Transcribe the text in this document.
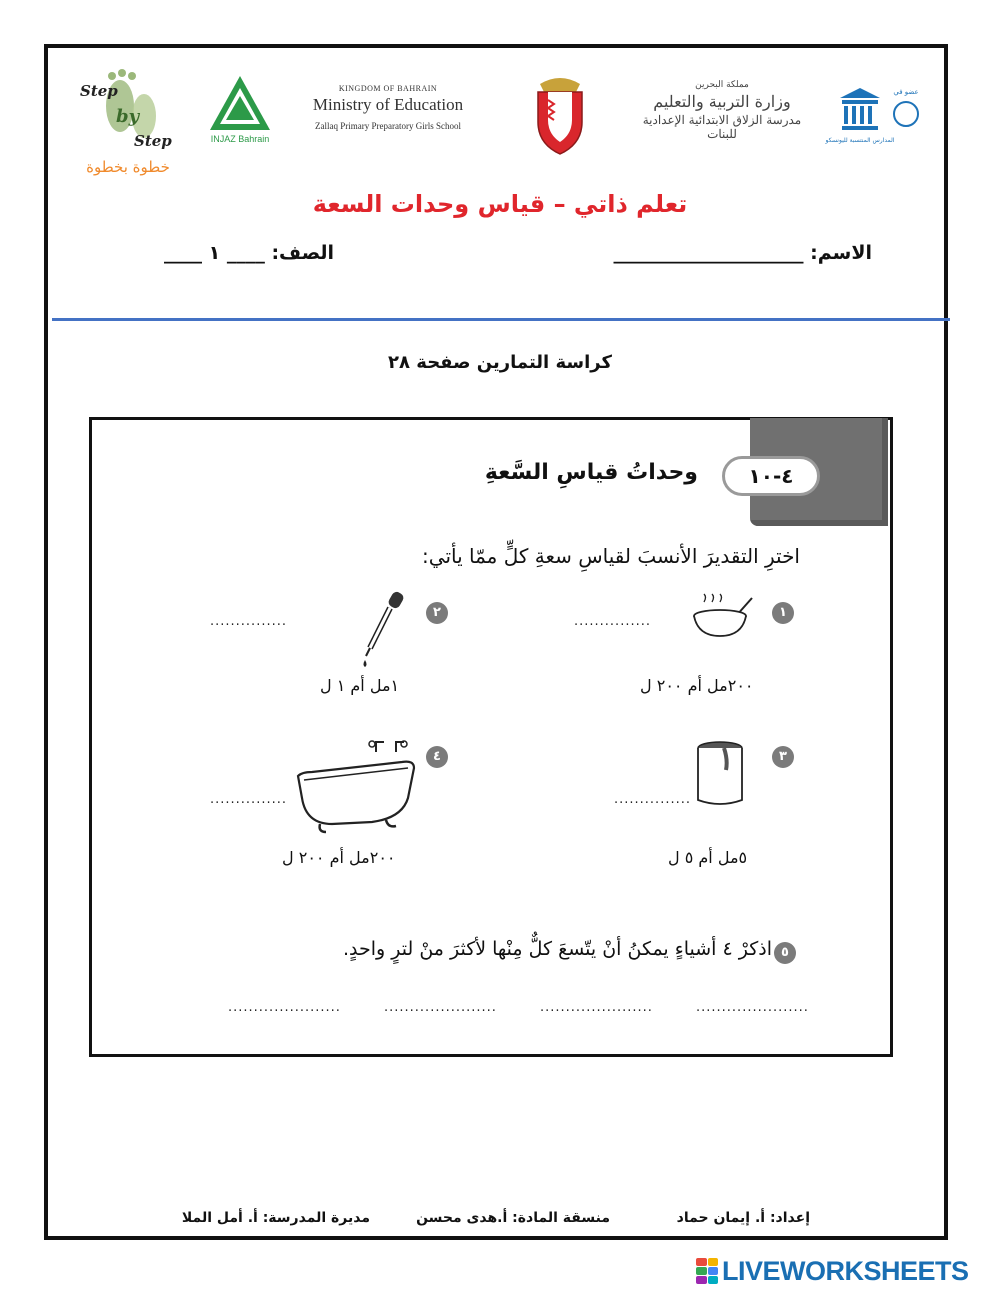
Step
by
Step
خطوة بخطوة
INJAZ Bahrain
KINGDOM OF BAHRAIN
Ministry of Education
Zallaq Primary Preparatory Girls School
مملكة البحرين
وزارة التربية والتعليم
مدرسة الزلاق الابتدائية الإعدادية للبنات
عضو في
المدارس المنتسبة لليونسكو
تعلم ذاتي – قياس وحدات السعة
الاسم: ____________________
الصف: ____ ١ ____
كراسة التمارين صفحة ٢٨
٤-١٠
وحداتُ قياسِ السَّعةِ
اخترِ التقديرَ الأنسبَ لقياسِ سعةِ كلٍّ ممّا يأتي:
١
...............
٢٠٠مل أم ٢٠٠ ل
٢
...............
١مل أم ١ ل
٣
...............
٥مل أم ٥ ل
٤
...............
٢٠٠مل أم ٢٠٠ ل
٥
اذكرْ ٤ أشياءٍ يمكنُ أنْ يتّسعَ كلٌّ مِنْها لأكثرَ منْ لترٍ واحدٍ.
......................	......................	......................	......................
إعداد: أ. إيمان حماد
منسقة المادة: أ.هدى محسن
مديرة المدرسة: أ. أمل الملا
LIVEWORKSHEETS
